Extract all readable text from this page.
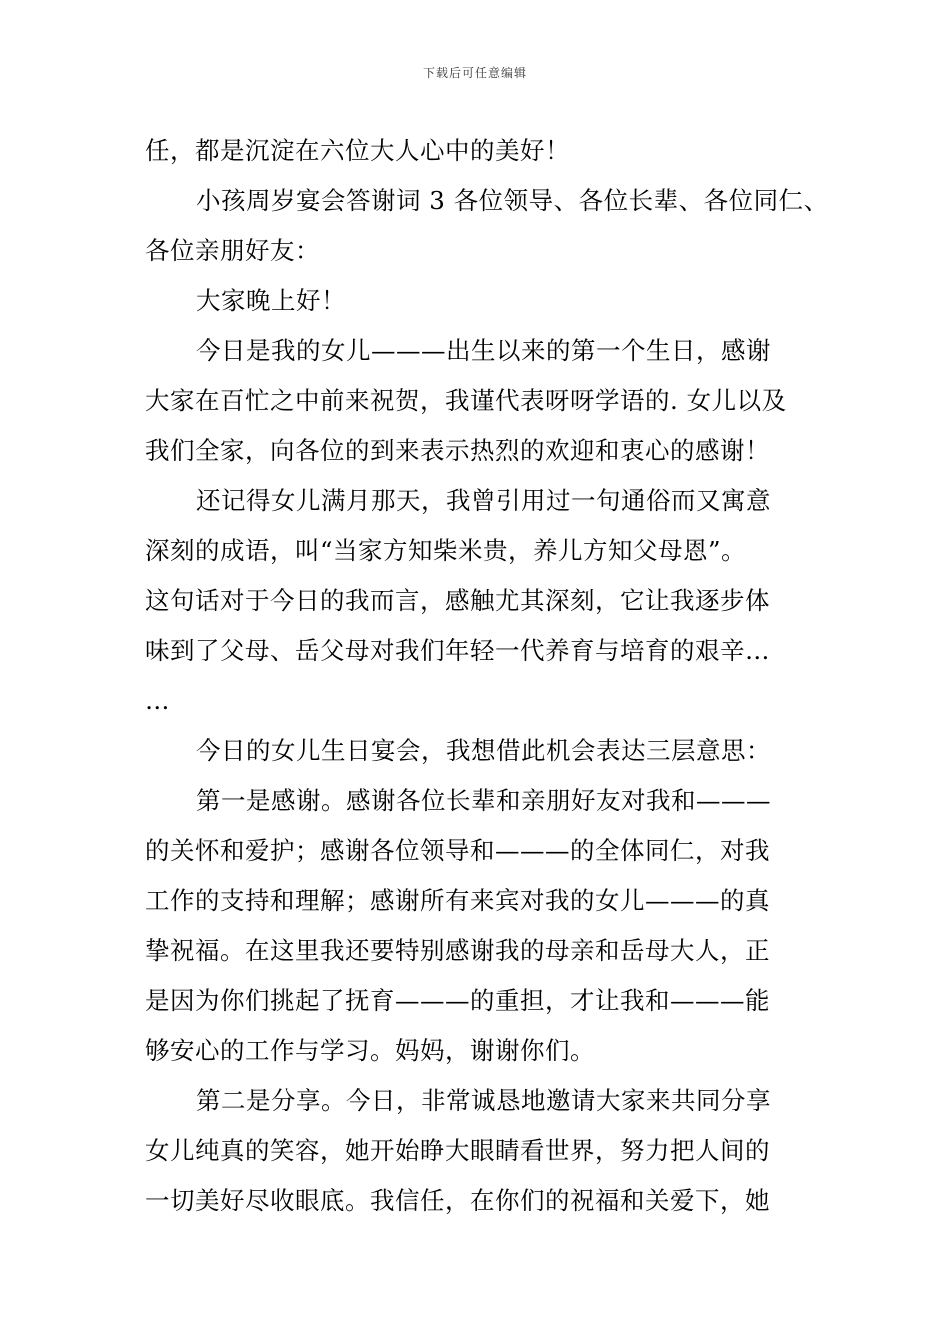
下载后可任意编辑
任，都是沉淀在六位大人心中的美好！
小孩周岁宴会答谢词 3 各位领导、各位长辈、各位同仁、
各位亲朋好友：
大家晚上好！
今日是我的女儿———出生以来的第一个生日，感谢
大家在百忙之中前来祝贺，我谨代表呀呀学语的. 女儿以及
我们全家，向各位的到来表示热烈的欢迎和衷心的感谢！
还记得女儿满月那天，我曾引用过一句通俗而又寓意
深刻的成语，叫“当家方知柴米贵，养儿方知父母恩”。
这句话对于今日的我而言，感触尤其深刻，它让我逐步体
味到了父母、岳父母对我们年轻一代养育与培育的艰辛…
…
今日的女儿生日宴会，我想借此机会表达三层意思：
第一是感谢。感谢各位长辈和亲朋好友对我和———
的关怀和爱护；感谢各位领导和———的全体同仁，对我
工作的支持和理解；感谢所有来宾对我的女儿———的真
挚祝福。在这里我还要特别感谢我的母亲和岳母大人，正
是因为你们挑起了抚育———的重担，才让我和———能
够安心的工作与学习。妈妈，谢谢你们。
第二是分享。今日，非常诚恳地邀请大家来共同分享
女儿纯真的笑容，她开始睁大眼睛看世界，努力把人间的
一切美好尽收眼底。我信任，在你们的祝福和关爱下，她
